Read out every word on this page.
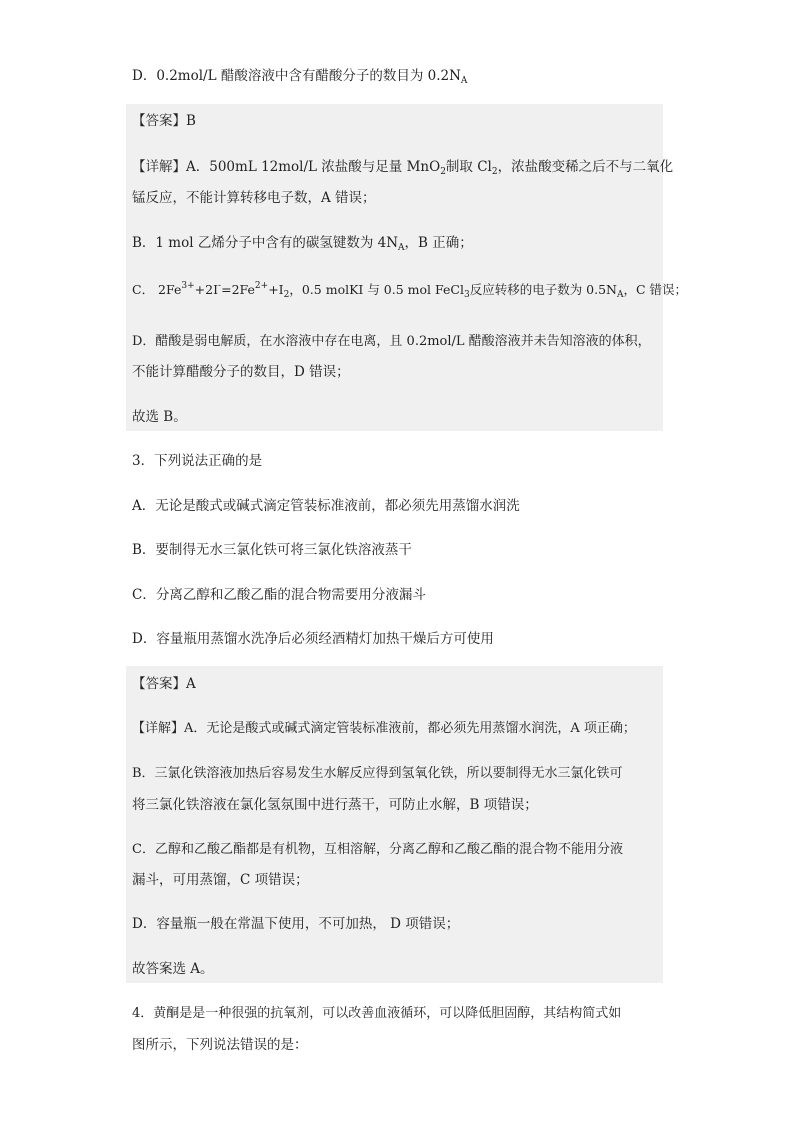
D．0.2mol/L 醋酸溶液中含有醋酸分子的数目为 $0.2N_A$
【答案】B
【详解】A．500mL 12mol/L 浓盐酸与足量 MnO$_2$制取 $Cl_2$，浓盐酸变稀之后不与二氧化
锰反应，不能计算转移电子数，A 错误；
B．1 mol 乙烯分子中含有的碳氢键数为 $4N_A$，B 正确；
C． $2Fe^{3+}+2I^-=2Fe^{2+}+I_2$，0.5 molKI 与 0.5 mol FeCl$_3$反应转移的电子数为 $0.5N_A$，C 错误；
D．醋酸是弱电解质，在水溶液中存在电离，且 0.2mol/L 醋酸溶液并未告知溶液的体积，
不能计算醋酸分子的数目，D 错误；
故选 B。
3．下列说法正确的是
A．无论是酸式或碱式滴定管装标准液前，都必须先用蒸馏水润洗
B．要制得无水三氯化铁可将三氯化铁溶液蒸干
C．分离乙醇和乙酸乙酯的混合物需要用分液漏斗
D．容量瓶用蒸馏水洗净后必须经酒精灯加热干燥后方可使用
【答案】A
【详解】A．无论是酸式或碱式滴定管装标准液前，都必须先用蒸馏水润洗，A 项正确；
B．三氯化铁溶液加热后容易发生水解反应得到氢氧化铁，所以要制得无水三氯化铁可
将三氯化铁溶液在氯化氢氛围中进行蒸干，可防止水解，B 项错误；
C．乙醇和乙酸乙酯都是有机物，互相溶解，分离乙醇和乙酸乙酯的混合物不能用分液
漏斗，可用蒸馏，C 项错误；
D．容量瓶一般在常温下使用，不可加热， D 项错误；
故答案选 A。
4．黄酮是是一种很强的抗氧剂，可以改善血液循环，可以降低胆固醇，其结构简式如
图所示，下列说法错误的是：
